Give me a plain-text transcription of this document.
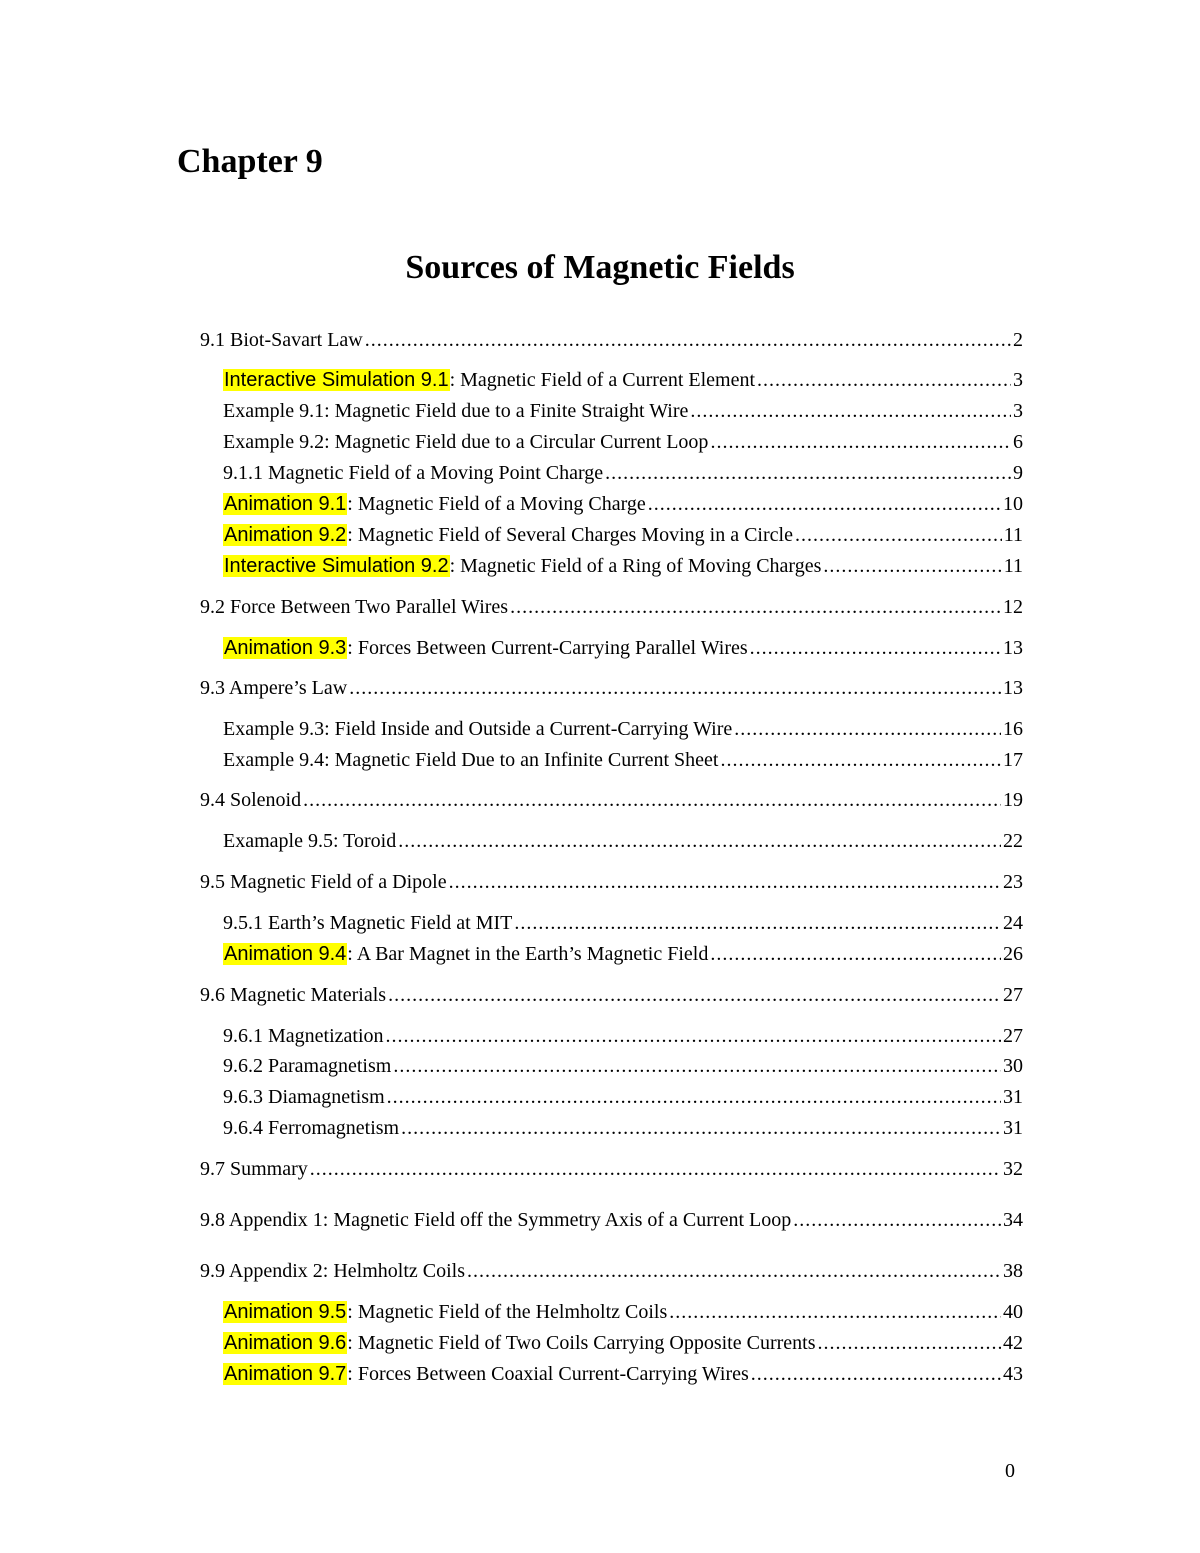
Chapter 9
Sources of Magnetic Fields
9.1 Biot-Savart Law .....	2
Interactive Simulation 9.1: Magnetic Field of a Current Element .....	3
Example 9.1: Magnetic Field due to a Finite Straight Wire .....	3
Example 9.2: Magnetic Field due to a Circular Current Loop .....	6
9.1.1 Magnetic Field of a Moving Point Charge .....	9
Animation 9.1: Magnetic Field of a Moving Charge .....	10
Animation 9.2: Magnetic Field of Several Charges Moving in a Circle .....	11
Interactive Simulation 9.2: Magnetic Field of a Ring of Moving Charges .....	11
9.2 Force Between Two Parallel Wires .....	12
Animation 9.3: Forces Between Current-Carrying Parallel Wires .....	13
9.3 Ampere’s Law .....	13
Example 9.3: Field Inside and Outside a Current-Carrying Wire .....	16
Example 9.4: Magnetic Field Due to an Infinite Current Sheet .....	17
9.4 Solenoid .....	19
Examaple 9.5: Toroid .....	22
9.5 Magnetic Field of a Dipole .....	23
9.5.1 Earth’s Magnetic Field at MIT .....	24
Animation 9.4: A Bar Magnet in the Earth’s Magnetic Field .....	26
9.6 Magnetic Materials .....	27
9.6.1 Magnetization .....	27
9.6.2 Paramagnetism .....	30
9.6.3 Diamagnetism .....	31
9.6.4 Ferromagnetism .....	31
9.7 Summary .....	32
9.8 Appendix 1: Magnetic Field off the Symmetry Axis of a Current Loop .....	34
9.9 Appendix 2: Helmholtz Coils .....	38
Animation 9.5: Magnetic Field of the Helmholtz Coils .....	40
Animation 9.6: Magnetic Field of Two Coils Carrying Opposite Currents .....	42
Animation 9.7: Forces Between Coaxial Current-Carrying Wires .....	43
0
